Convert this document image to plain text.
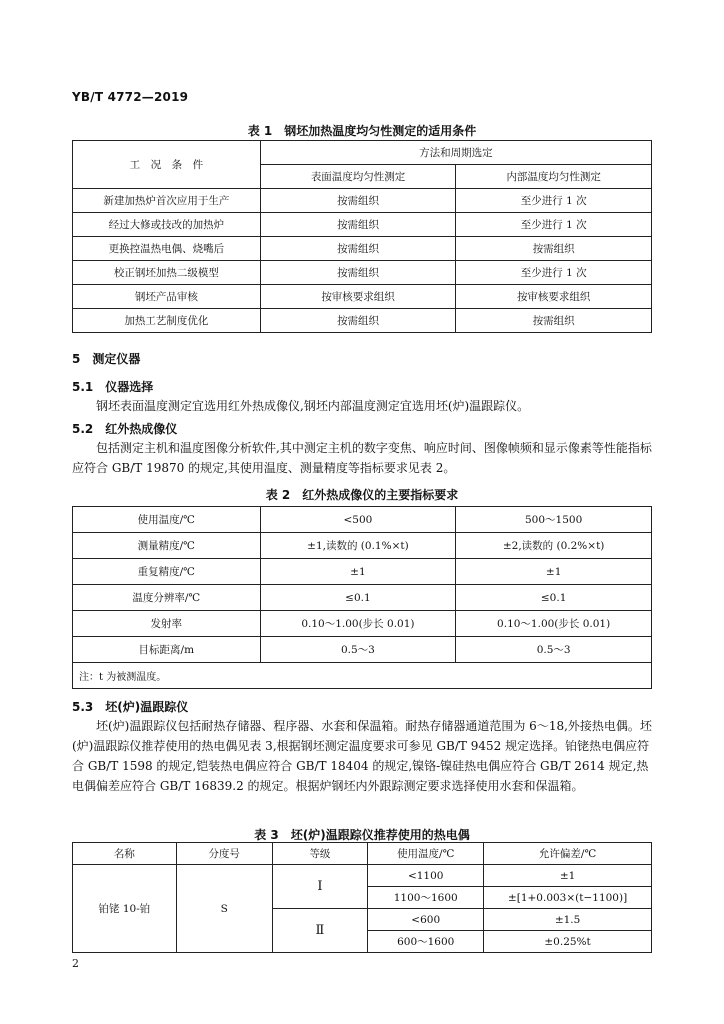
YB/T 4772—2019
表 1　钢坯加热温度均匀性测定的适用条件
工　况　条　件	方法和周期选定	
	表面温度均匀性测定	内部温度均匀性测定
新建加热炉首次应用于生产	按需组织	至少进行 1 次
经过大修或技改的加热炉	按需组织	至少进行 1 次
更换控温热电偶、烧嘴后	按需组织	按需组织
校正钢坯加热二级模型	按需组织	至少进行 1 次
钢坯产品审核	按审核要求组织	按审核要求组织
加热工艺制度优化	按需组织	按需组织
5　测定仪器
5.1　仪器选择

钢坯表面温度测定宜选用红外热成像仪,钢坯内部温度测定宜选用坯(炉)温跟踪仪。

5.2　红外热成像仪

包括测定主机和温度图像分析软件,其中测定主机的数字变焦、响应时间、图像帧频和显示像素等性能指标应符合 GB/T 19870 的规定,其使用温度、测量精度等指标要求见表 2。

表 2　红外热成像仪的主要指标要求
使用温度/℃	<500	500～1500
测量精度/℃	±1,读数的 (0.1%×t)	±2,读数的 (0.2%×t)
重复精度/℃	±1	±1
温度分辨率/℃	≤0.1	≤0.1
发射率	0.10～1.00(步长 0.01)	0.10～1.00(步长 0.01)
目标距离/m	0.5～3	0.5～3
注：t 为被测温度。		
5.3　坯(炉)温跟踪仪

坯(炉)温跟踪仪包括耐热存储器、程序器、水套和保温箱。耐热存储器通道范围为 6～18,外接热电偶。坯(炉)温跟踪仪推荐使用的热电偶见表 3,根据钢坯测定温度要求可参见 GB/T 9452 规定选择。铂铑热电偶应符合 GB/T 1598 的规定,铠装热电偶应符合 GB/T 18404 的规定,镍铬-镍硅热电偶应符合 GB/T 2614 规定,热电偶偏差应符合 GB/T 16839.2 的规定。根据炉钢坯内外跟踪测定要求选择使用水套和保温箱。

表 3　坯(炉)温跟踪仪推荐使用的热电偶
名称	分度号	等级	使用温度/℃	允许偏差/℃
铂铑 10-铂	S	Ⅰ	<1100	±1
			1100～1600	±[1+0.003×(t−1100)]
		Ⅱ	<600	±1.5
			600～1600	±0.25%t
2
